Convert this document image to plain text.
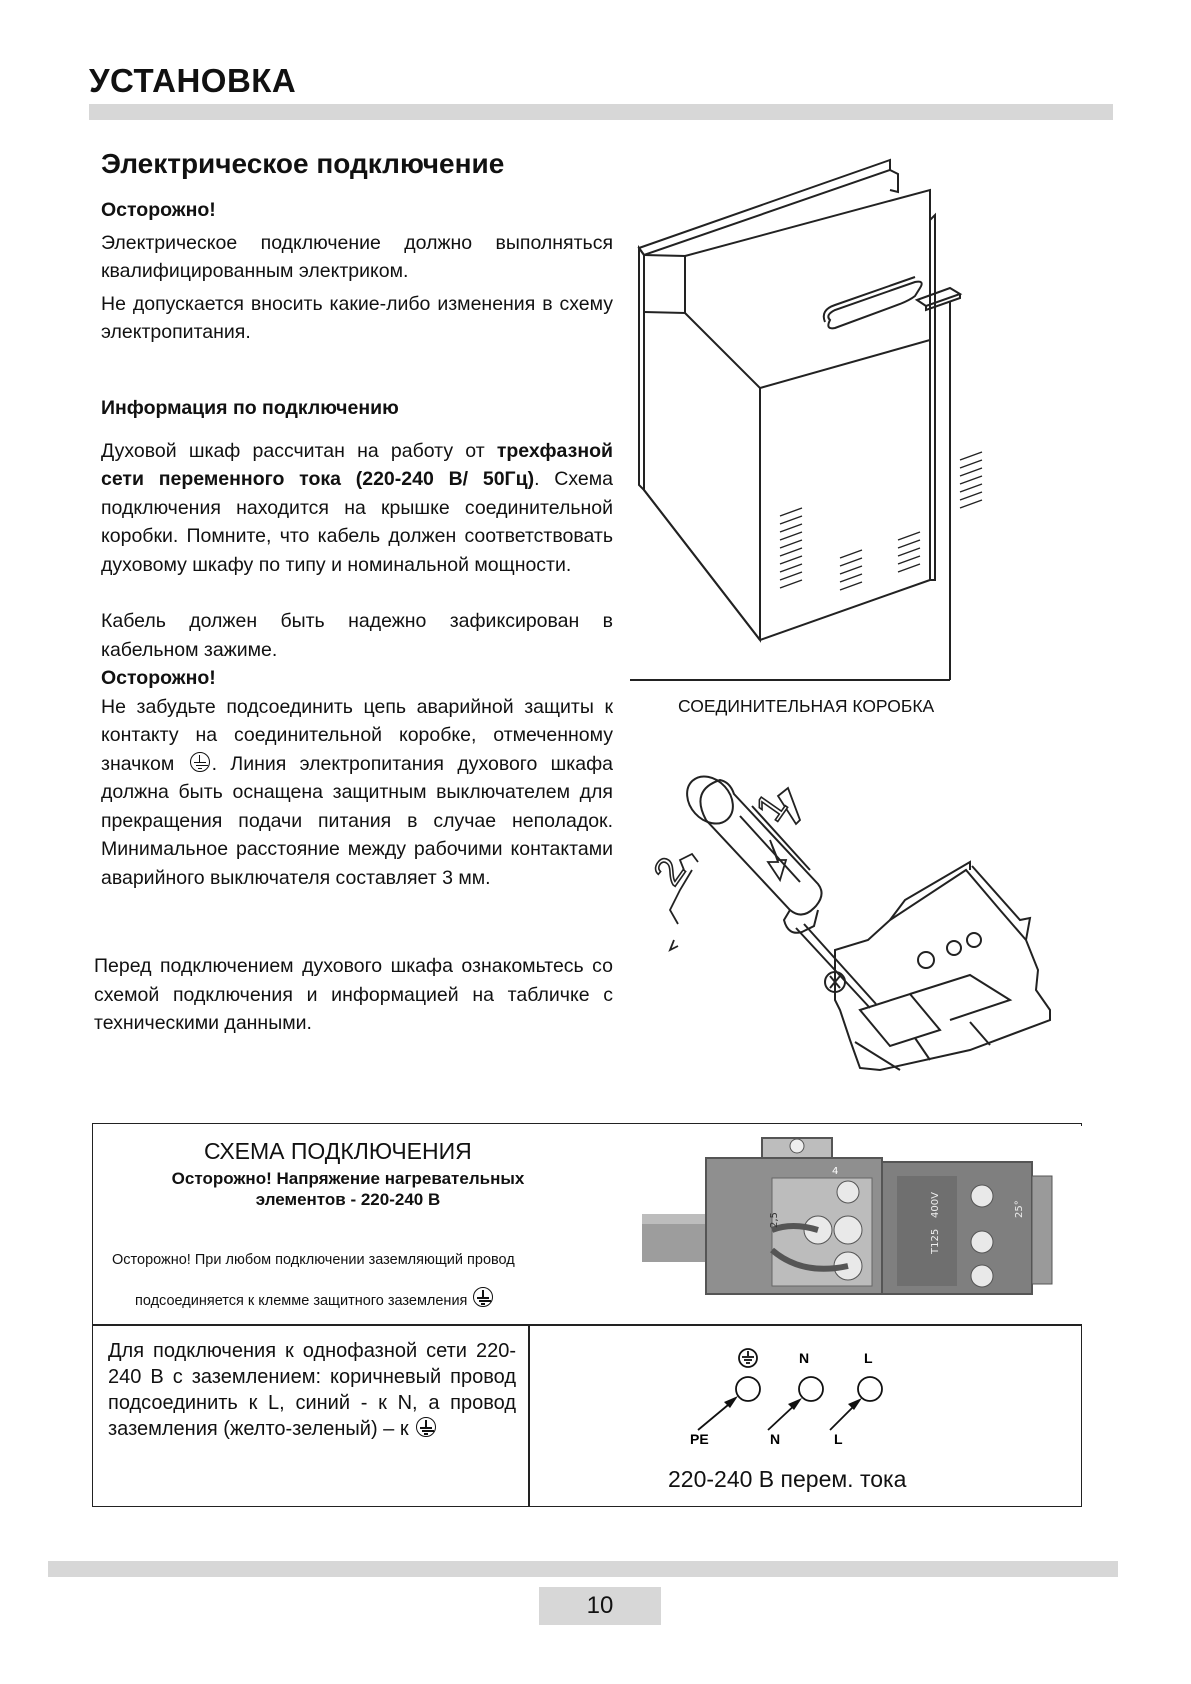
УСТАНОВКА
Электрическое подключение

Осторожно!

Электрическое подключение должно выполняться квалифицированным электриком.

Не допускается вносить какие-либо изменения в схему электропитания.

Информация по подключению

Духовой шкаф рассчитан на работу от трехфазной сети переменного тока (220-240 В/ 50Гц). Схема подключения находится на крышке соединительной коробки. Помните, что кабель должен соответствовать духовому шкафу по типу и номинальной мощности.

Кабель должен быть надежно зафиксирован в кабельном зажиме.

Осторожно!

Не забудьте подсоединить цепь аварийной защиты к контакту на соединительной коробке, отмеченному значком . Линия электропитания духового шкафа должна быть оснащена защитным выключателем для прекращения подачи питания в случае неполадок. Минимальное расстояние между рабочими контактами аварийного выключателя составляет 3 мм.

Перед подключением духового шкафа ознакомьтесь со схемой подключения и информацией на табличке с техническими данными.

СОЕДИНИТЕЛЬНАЯ КОРОБКА
1
2
СХЕМА ПОДКЛЮЧЕНИЯ
Осторожно! Напряжение нагревательных элементов - 220-240 В
Осторожно! При любом подключении заземляющий провод
подсоединяется к клемме защитного заземления
4
400V
T125
25°
2,5
Для подключения к однофазной сети 220-240 В с заземлением: коричневый провод подсоединить к L, синий - к N, а провод заземления (желто-зеленый) – к
N	L
PE	N	L
220-240 В перем. тока
10
